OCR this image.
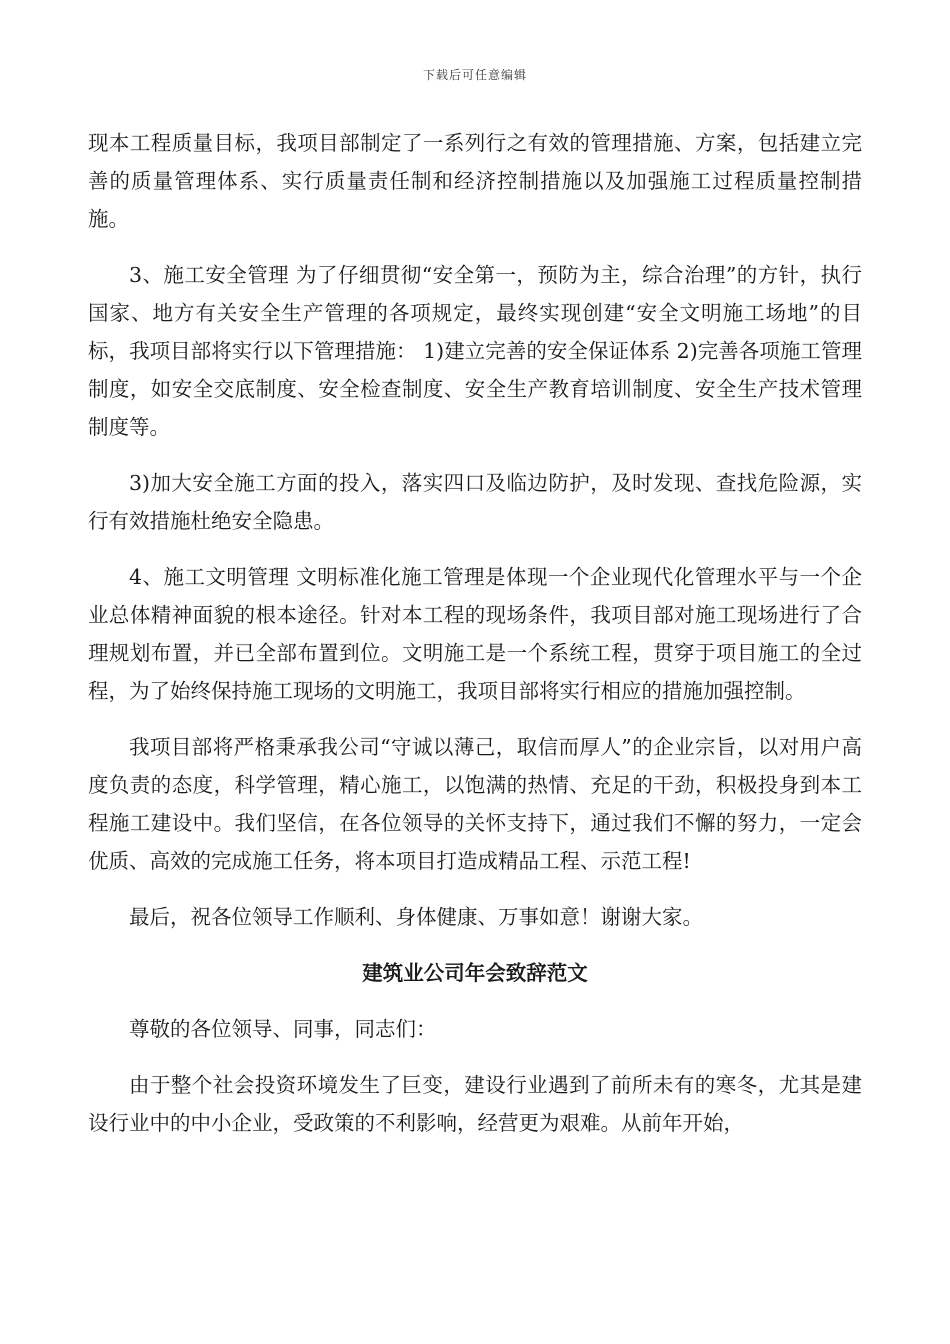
下载后可任意编辑

现本工程质量目标，我项目部制定了一系列行之有效的管理措施、方案，包括建立完善的质量管理体系、实行质量责任制和经济控制措施以及加强施工过程质量控制措施。

3、施工安全管理 为了仔细贯彻“安全第一，预防为主，综合治理”的方针，执行国家、地方有关安全生产管理的各项规定，最终实现创建“安全文明施工场地”的目标，我项目部将实行以下管理措施： 1)建立完善的安全保证体系 2)完善各项施工管理制度，如安全交底制度、安全检查制度、安全生产教育培训制度、安全生产技术管理制度等。

3)加大安全施工方面的投入，落实四口及临边防护，及时发现、查找危险源，实行有效措施杜绝安全隐患。

4、施工文明管理 文明标准化施工管理是体现一个企业现代化管理水平与一个企业总体精神面貌的根本途径。针对本工程的现场条件，我项目部对施工现场进行了合理规划布置，并已全部布置到位。文明施工是一个系统工程，贯穿于项目施工的全过程，为了始终保持施工现场的文明施工，我项目部将实行相应的措施加强控制。

我项目部将严格秉承我公司“守诚以薄己，取信而厚人”的企业宗旨，以对用户高度负责的态度，科学管理，精心施工，以饱满的热情、充足的干劲，积极投身到本工程施工建设中。我们坚信，在各位领导的关怀支持下，通过我们不懈的努力，一定会优质、高效的完成施工任务，将本项目打造成精品工程、示范工程!

最后，祝各位领导工作顺利、身体健康、万事如意！谢谢大家。

建筑业公司年会致辞范文

尊敬的各位领导、同事，同志们：

由于整个社会投资环境发生了巨变，建设行业遇到了前所未有的寒冬，尤其是建设行业中的中小企业，受政策的不利影响，经营更为艰难。从前年开始，
